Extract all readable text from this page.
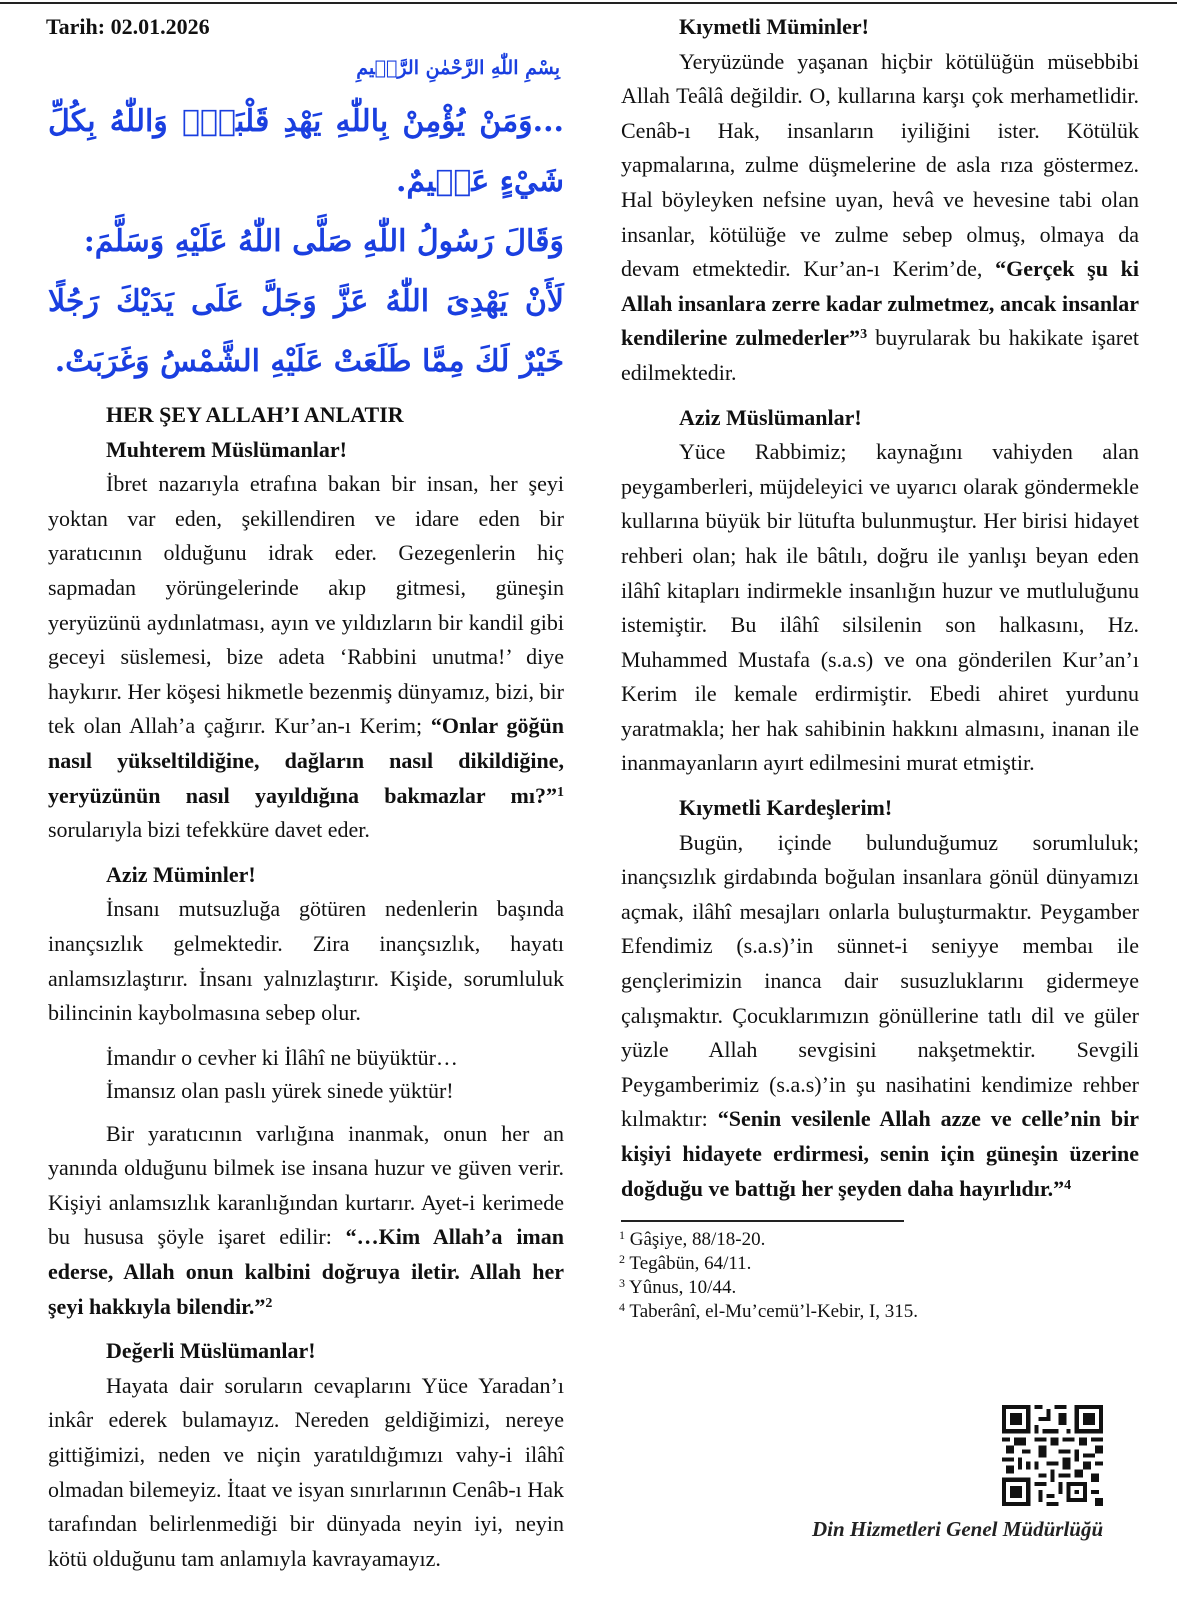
Tarih: 02.01.2026
بِسْمِ اللّٰهِ الرَّحْمٰنِ الرَّح۪يمِ
...وَمَنْ يُؤْمِنْ بِاللّٰهِ يَهْدِ قَلْبَهُۜ وَاللّٰهُ بِكُلِّ شَيْءٍ عَل۪يمٌ.
وَقَالَ رَسُولُ اللّٰهِ صَلَّى اللّٰهُ عَلَيْهِ وَسَلَّمَ:
لَأَنْ يَهْدِىَ اللّٰهُ عَزَّ وَجَلَّ عَلَى يَدَيْكَ رَجُلًا خَيْرٌ لَكَ مِمَّا طَلَعَتْ عَلَيْهِ الشَّمْسُ وَغَرَبَتْ.
HER ŞEY ALLAH’I ANLATIR
Muhterem Müslümanlar!

İbret nazarıyla etrafına bakan bir insan, her şeyi yoktan var eden, şekillendiren ve idare eden bir yaratıcının olduğunu idrak eder. Gezegenlerin hiç sapmadan yörüngelerinde akıp gitmesi, güneşin yeryüzünü aydınlatması, ayın ve yıldızların bir kandil gibi geceyi süslemesi, bize adeta ‘Rabbini unutma!’ diye haykırır. Her köşesi hikmetle bezenmiş dünyamız, bizi, bir tek olan Allah’a çağırır. Kur’an-ı Kerim; “Onlar göğün nasıl yükseltildiğine, dağların nasıl dikildiğine, yeryüzünün nasıl yayıldığına bakmazlar mı?”$^1$ sorularıyla bizi tefekküre davet eder.

Aziz Müminler!

İnsanı mutsuzluğa götüren nedenlerin başında inançsızlık gelmektedir. Zira inançsızlık, hayatı anlamsızlaştırır. İnsanı yalnızlaştırır. Kişide, sorumluluk bilincinin kaybolmasına sebep olur.

İmandır o cevher ki İlâhî ne büyüktür…
İmansız olan paslı yürek sinede yüktür!

Bir yaratıcının varlığına inanmak, onun her an yanında olduğunu bilmek ise insana huzur ve güven verir. Kişiyi anlamsızlık karanlığından kurtarır. Ayet-i kerimede bu hususa şöyle işaret edilir: “…Kim Allah’a iman ederse, Allah onun kalbini doğruya iletir. Allah her şeyi hakkıyla bilendir.”$^2$

Değerli Müslümanlar!

Hayata dair soruların cevaplarını Yüce Yaradan’ı inkâr ederek bulamayız. Nereden geldiğimizi, nereye gittiğimizi, neden ve niçin yaratıldığımızı vahy-i ilâhî olmadan bilemeyiz. İtaat ve isyan sınırlarının Cenâb-ı Hak tarafından belirlenmediği bir dünyada neyin iyi, neyin kötü olduğunu tam anlamıyla kavrayamayız.

Kıymetli Müminler!

Yeryüzünde yaşanan hiçbir kötülüğün müsebbibi Allah Teâlâ değildir. O, kullarına karşı çok merhametlidir. Cenâb-ı Hak, insanların iyiliğini ister. Kötülük yapmalarına, zulme düşmelerine de asla rıza göstermez. Hal böyleyken nefsine uyan, hevâ ve hevesine tabi olan insanlar, kötülüğe ve zulme sebep olmuş, olmaya da devam etmektedir. Kur’an-ı Kerim’de, “Gerçek şu ki Allah insanlara zerre kadar zulmetmez, ancak insanlar kendilerine zulmederler”$^3$ buyrularak bu hakikate işaret edilmektedir.

Aziz Müslümanlar!

Yüce Rabbimiz; kaynağını vahiyden alan peygamberleri, müjdeleyici ve uyarıcı olarak göndermekle kullarına büyük bir lütufta bulunmuştur. Her birisi hidayet rehberi olan; hak ile bâtılı, doğru ile yanlışı beyan eden ilâhî kitapları indirmekle insanlığın huzur ve mutluluğunu istemiştir. Bu ilâhî silsilenin son halkasını, Hz. Muhammed Mustafa (s.a.s) ve ona gönderilen Kur’an’ı Kerim ile kemale erdirmiştir. Ebedi ahiret yurdunu yaratmakla; her hak sahibinin hakkını almasını, inanan ile inanmayanların ayırt edilmesini murat etmiştir.

Kıymetli Kardeşlerim!

Bugün, içinde bulunduğumuz sorumluluk; inançsızlık girdabında boğulan insanlara gönül dünyamızı açmak, ilâhî mesajları onlarla buluşturmaktır. Peygamber Efendimiz (s.a.s)’in sünnet-i seniyye membaı ile gençlerimizin inanca dair susuzluklarını gidermeye çalışmaktır. Çocuklarımızın gönüllerine tatlı dil ve güler yüzle Allah sevgisini nakşetmektir. Sevgili Peygamberimiz (s.a.s)’in şu nasihatini kendimize rehber kılmaktır: “Senin vesilenle Allah azze ve celle’nin bir kişiyi hidayete erdirmesi, senin için güneşin üzerine doğduğu ve battığı her şeyden daha hayırlıdır.”$^4$

$^1$ Gâşiye, 88/18-20.
$^2$ Tegâbün, 64/11.
$^3$ Yûnus, 10/44.
$^4$ Taberânî, el-Mu’cemü’l-Kebir, I, 315.
Din Hizmetleri Genel Müdürlüğü
